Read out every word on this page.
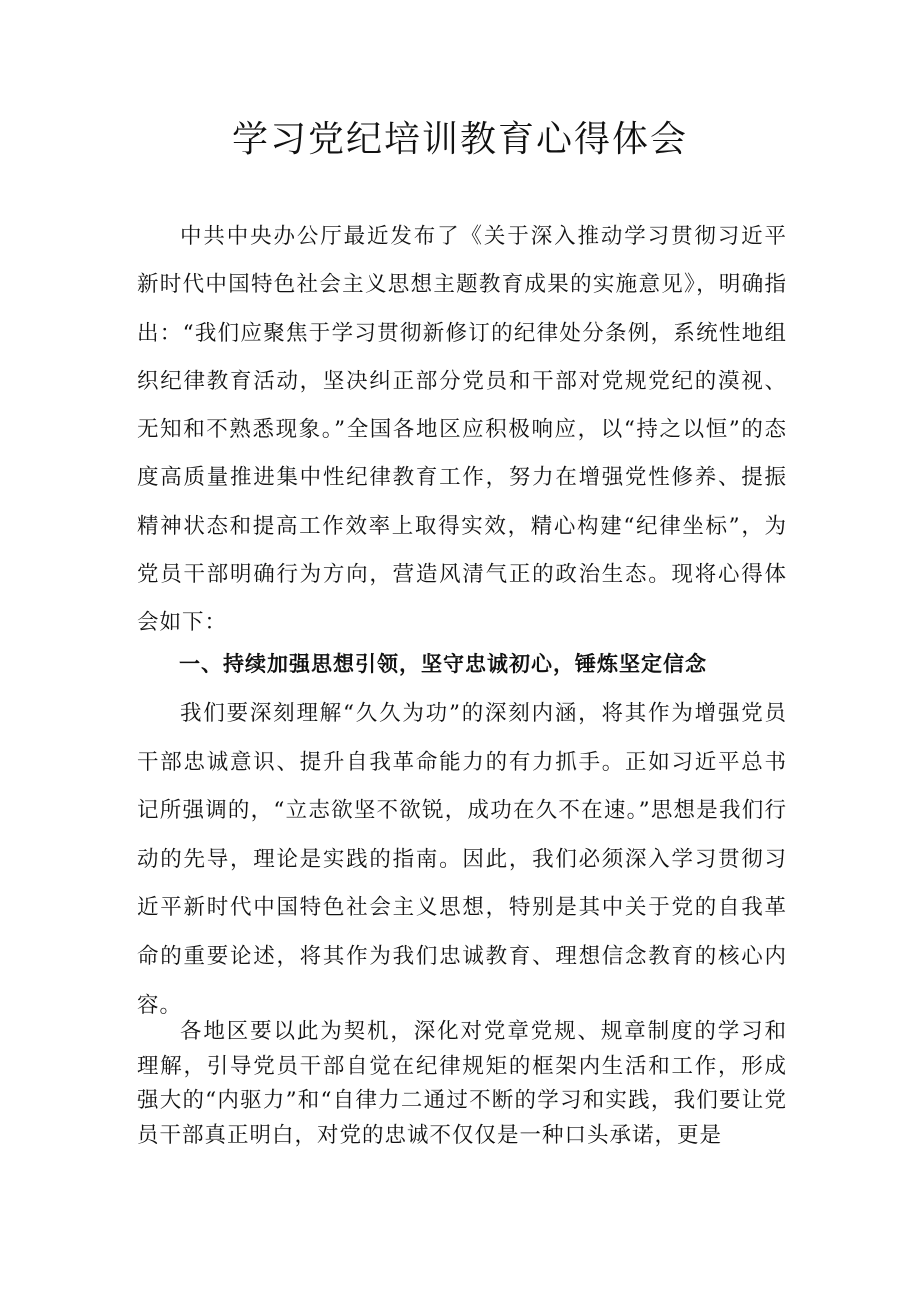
学习党纪培训教育心得体会

中共中央办公厅最近发布了《关于深入推动学习贯彻习近平新时代中国特色社会主义思想主题教育成果的实施意见》，明确指出：“我们应聚焦于学习贯彻新修订的纪律处分条例，系统性地组织纪律教育活动，坚决纠正部分党员和干部对党规党纪的漠视、无知和不熟悉现象。”全国各地区应积极响应，以“持之以恒”的态度高质量推进集中性纪律教育工作，努力在增强党性修养、提振精神状态和提高工作效率上取得实效，精心构建“纪律坐标”，为党员干部明确行为方向，营造风清气正的政治生态。现将心得体会如下：

一、持续加强思想引领，坚守忠诚初心，锤炼坚定信念

我们要深刻理解“久久为功”的深刻内涵，将其作为增强党员干部忠诚意识、提升自我革命能力的有力抓手。正如习近平总书记所强调的，“立志欲坚不欲锐，成功在久不在速。”思想是我们行动的先导，理论是实践的指南。因此，我们必须深入学习贯彻习近平新时代中国特色社会主义思想，特别是其中关于党的自我革命的重要论述，将其作为我们忠诚教育、理想信念教育的核心内容。

各地区要以此为契机，深化对党章党规、规章制度的学习和理解，引导党员干部自觉在纪律规矩的框架内生活和工作，形成强大的“内驱力”和“自律力二通过不断的学习和实践，我们要让党员干部真正明白，对党的忠诚不仅仅是一种口头承诺，更是
